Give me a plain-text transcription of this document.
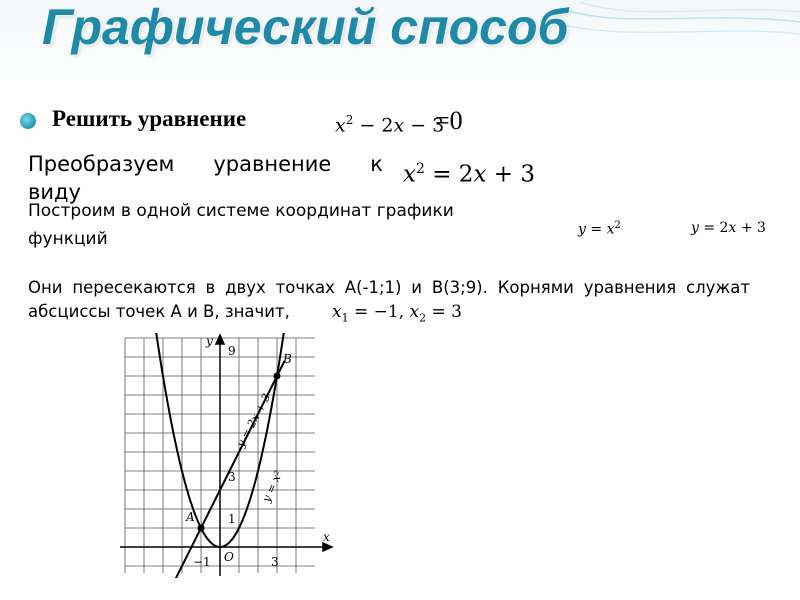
Графический способ
Решить уравнение	$x^2 - 2x - 3$
=0
Преобразуем уравнение к
виду
$x^2 = 2x + 3$
Построим в одной системе координат графики
функций	$y = x^2$	y = 2x + 3
Они пересекаются в двух точках A(-1;1) и B(3;9). Корнями уравнения служат абсциссы точек A и B, значит,	$x_1 = -1$, $x_2 = 3$
A
B
9
3
1
−1	3
O
x
y
y = 2x + 3
y = x²
